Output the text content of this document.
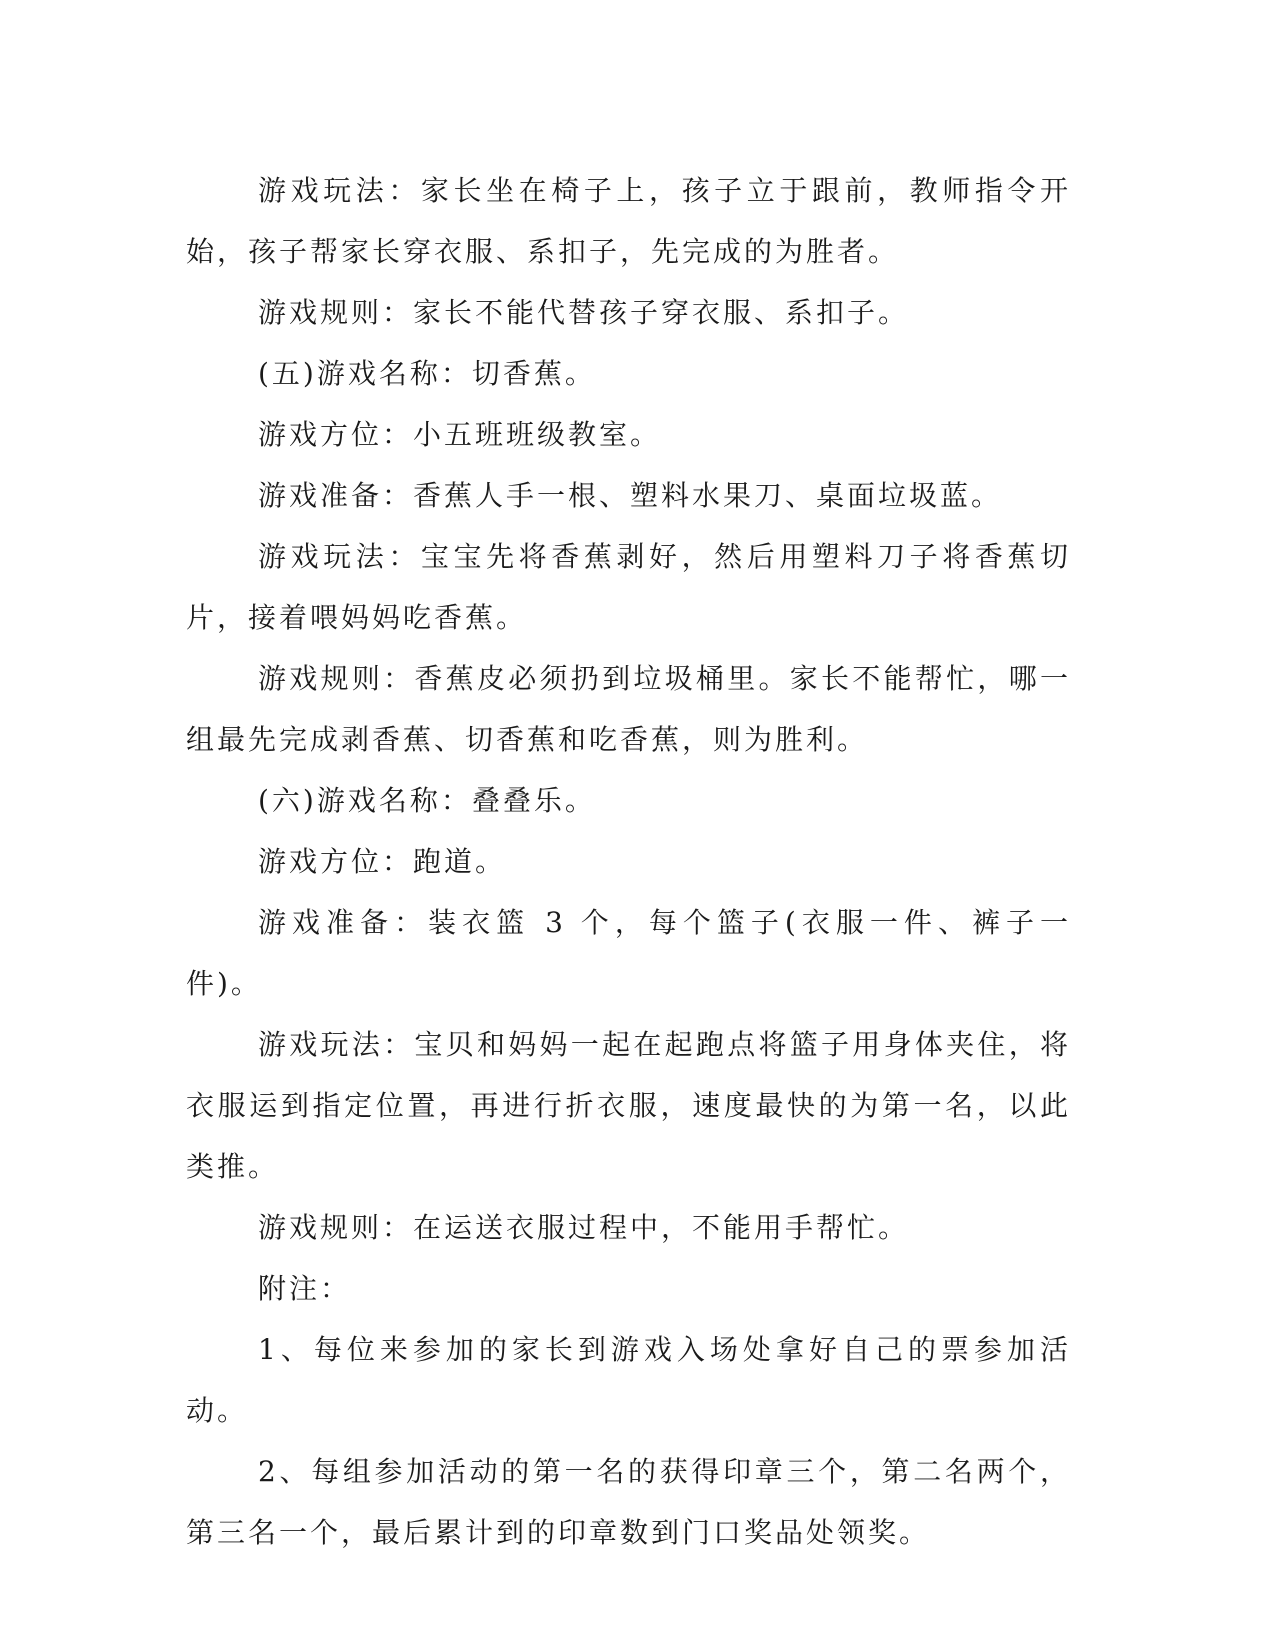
游戏玩法：家长坐在椅子上，孩子立于跟前，教师指令开始，孩子帮家长穿衣服、系扣子，先完成的为胜者。

游戏规则：家长不能代替孩子穿衣服、系扣子。

(五)游戏名称：切香蕉。

游戏方位：小五班班级教室。

游戏准备：香蕉人手一根、塑料水果刀、桌面垃圾蓝。

游戏玩法：宝宝先将香蕉剥好，然后用塑料刀子将香蕉切片，接着喂妈妈吃香蕉。

游戏规则：香蕉皮必须扔到垃圾桶里。家长不能帮忙，哪一组最先完成剥香蕉、切香蕉和吃香蕉，则为胜利。

(六)游戏名称：叠叠乐。

游戏方位：跑道。

游戏准备：装衣篮 3 个，每个篮子(衣服一件、裤子一件)。

游戏玩法：宝贝和妈妈一起在起跑点将篮子用身体夹住，将衣服运到指定位置，再进行折衣服，速度最快的为第一名，以此类推。

游戏规则：在运送衣服过程中，不能用手帮忙。

附注：

1、每位来参加的家长到游戏入场处拿好自己的票参加活动。

2、每组参加活动的第一名的获得印章三个，第二名两个，第三名一个，最后累计到的印章数到门口奖品处领奖。
